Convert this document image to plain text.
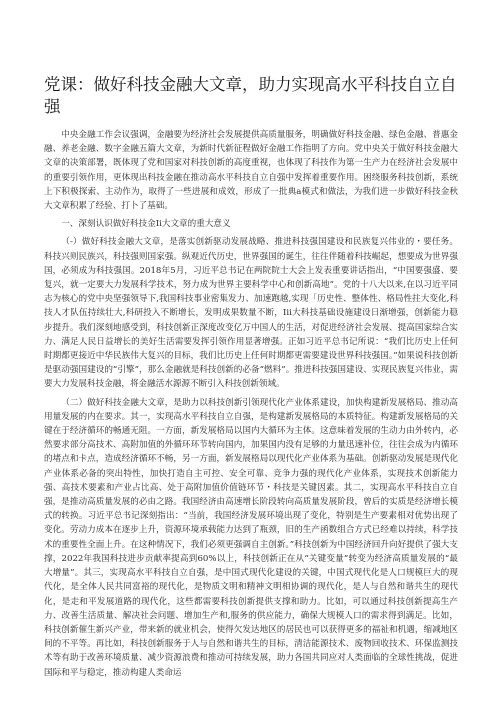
党课：做好科技金融大文章，助力实现高水平科技自立自强

中央金融工作会议强调，金融要为经济社会发展提供高质量服务，明确做好科技金融、绿色金融、普惠金融、养老金融、数字金融五篇大文章，为新时代新征程做好金融工作指明了方向。党中央关于做好科技金融大文章的决策部署，既体现了党和国家对科技创新的高度重视，也体现了科技作为第一生产力在经济社会发展中的重要引领作用，更体现出科技金融在推动高水平科技自立自强中发挥着重要作用。困绕服务科技创新，系统上下积极探索、主动作为，取得了一些进展和成效，形成了一批典a模式和做法，为我们进一步做好科技金秋大文章积累了经验、打卜了基础。

一、深刻认识做好科技金Ii大文章的重大意义

（-）做好科技金融大文章，是落实创新驱动发展战略、推进科技强国建设和民族复兴伟业的・要任务。科技兴则民族兴，科技强则国家强。纵观近代历史，世界强国的诞生，往往伴随着科技崛起，想要成为世界强国，必须成为科技强国。2018年5月，习近平总书记在两院院士大会上发表重要讲话指出，“中国要强盛、要复兴，就一定要大力发展科学技术，努力成为世界主要科学中心和创新高地”。党的十八大以来,在以习近平同志为核心的党中央坚强领导下,我国科技事业密集发力、加速跑越,实现「历史性、整体性、格局性拄大变化,科技人才队伍持续壮大,科研投入不断增长，发明成果数量不断，Iii大科技基础设施建设日渐增强，创新能力稳步提升。我们深刻地感受到，科技创新正深度改变亿万中国人的生活，对促进经济社会发展、提高国家综合实力、满足人民日益增长的美好生活需要发挥引领作用显著增强。正如习近平总书记所说：“我们比历史上任何时期都更接近中华民族伟大复兴的目标，我们比历史上任何时期都更需要建设世界科技强国。”如果说科技创新是驱动强国建设的“引擎”，那么金融就是科技创新的必备“燃料”。推进科技强国建设、实现民族复兴伟业，需要大力发展科技金融，将金融活水源源不断引入科技创新领域。

（二）做好科技金融大文章，是助力以科技创新引领现代化产业体系建设，加快构建新发展格局、推动高用量发展的内在要求。其一，实现高水平科技自立自强，是构建新发展格局的本质特征。构建新发展格局的关键在于经济循环的畅通无阻。一方面，新发展格局以国内大循环为主体。这意味着发展的生动力由外转内，必然要求部分高技术、高附加值的外循环环节转向国内，加果国内没有足够的力量迅速补位，往往会成为内循环的堵点和卡点，造成经济循环不畅，另一方面，新发展格局以现代化产业体系为基础。创新驱动发展是现代化产业体系必备的突出特性，加快打造自主可控、安全可靠、竞争力强的现代化产业体系，实现技术创新能力强、高技术要素和产业占比高、处于高附加值价值链环节・科技是关键因素。其二，实现高水平科技自立自强，是推动高质量发展的必由之路。我国经济由高速增长阶段转向高质量发展阶段，曾后的实质是经济增长模式的转换。习近平总书记深刻指出：“当前，我国经济发展环境出现了变化，特别是生产要素相对优势出现了变化。劳动力成本在逐步上升，资源环境承载能力达到了瓶颈，旧的生产函数组合方式已经难以持续，科学技术的重要性全面上升。在这种情况下，我们必须更强调自主创新。”科技创新为中国经济回升向好提供了强大支撑，2022年我国科技进步贡献率提高到60%以上，科技创新正在从“关键变量”转变为经济高质量发展的“最大增量”。其三，实现高水平科技自立自强，是中国式现代化建设的关键，中国式现代化是人口规模巨大的现代化，是全体人民共同富裕的现代化，是物质文明和精神文明相协调的现代化，是人与自然和谐共生的现代化，是走和平发展道路的现代化，这些都需要科技创新提供支撑和助力。比如，可以通过科技创新提高生产力、改善生活质量、解决社会问题、增加生产和,服务的供应能力，确保大规模人口的需求得到满足。比如，科技创新催生新兴产业，带来新的就业机会，使得欠发达地区的居民也可以获得更多的福祉和机遇，缩减地区间的不平等。再比如，科技创新服务于人与自然和谐共生的目标，清洁能源技术、废物回收技术、环保监测技术等有助于改善环境质量、减少资源浪费和推动可持续发展，助力各国共同应对人类面临的全球性挑战，促进国际和平与稳定，推动构建人类命运
